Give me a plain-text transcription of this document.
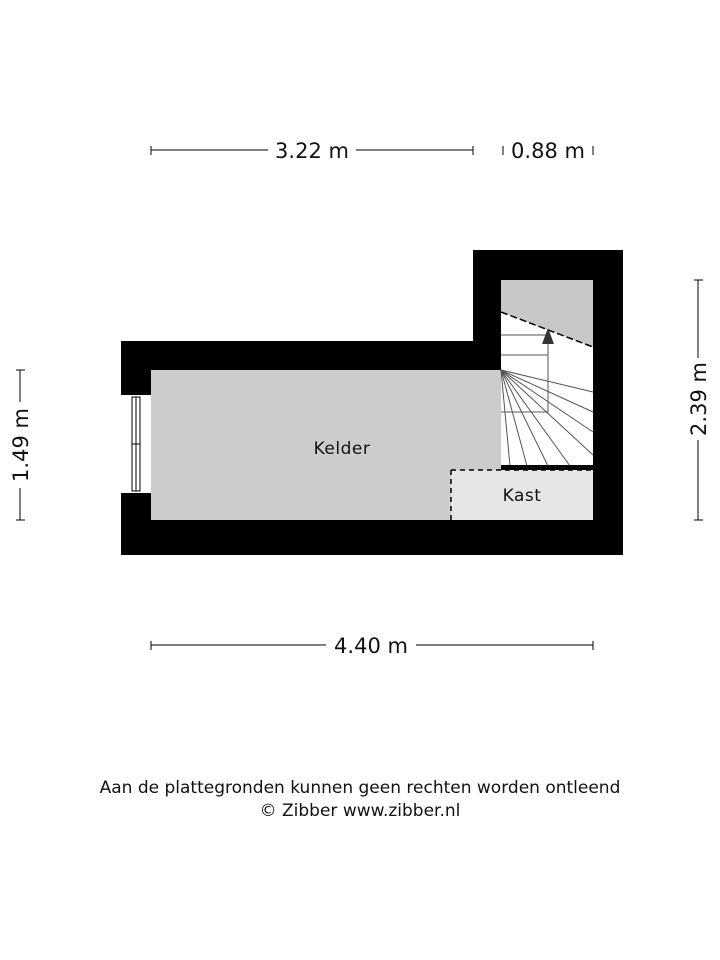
Kelder
Kast
3.22 m	0.88 m
4.40 m
1.49 m
2.39 m
Aan de plattegronden kunnen geen rechten worden ontleend
© Zibber www.zibber.nl
